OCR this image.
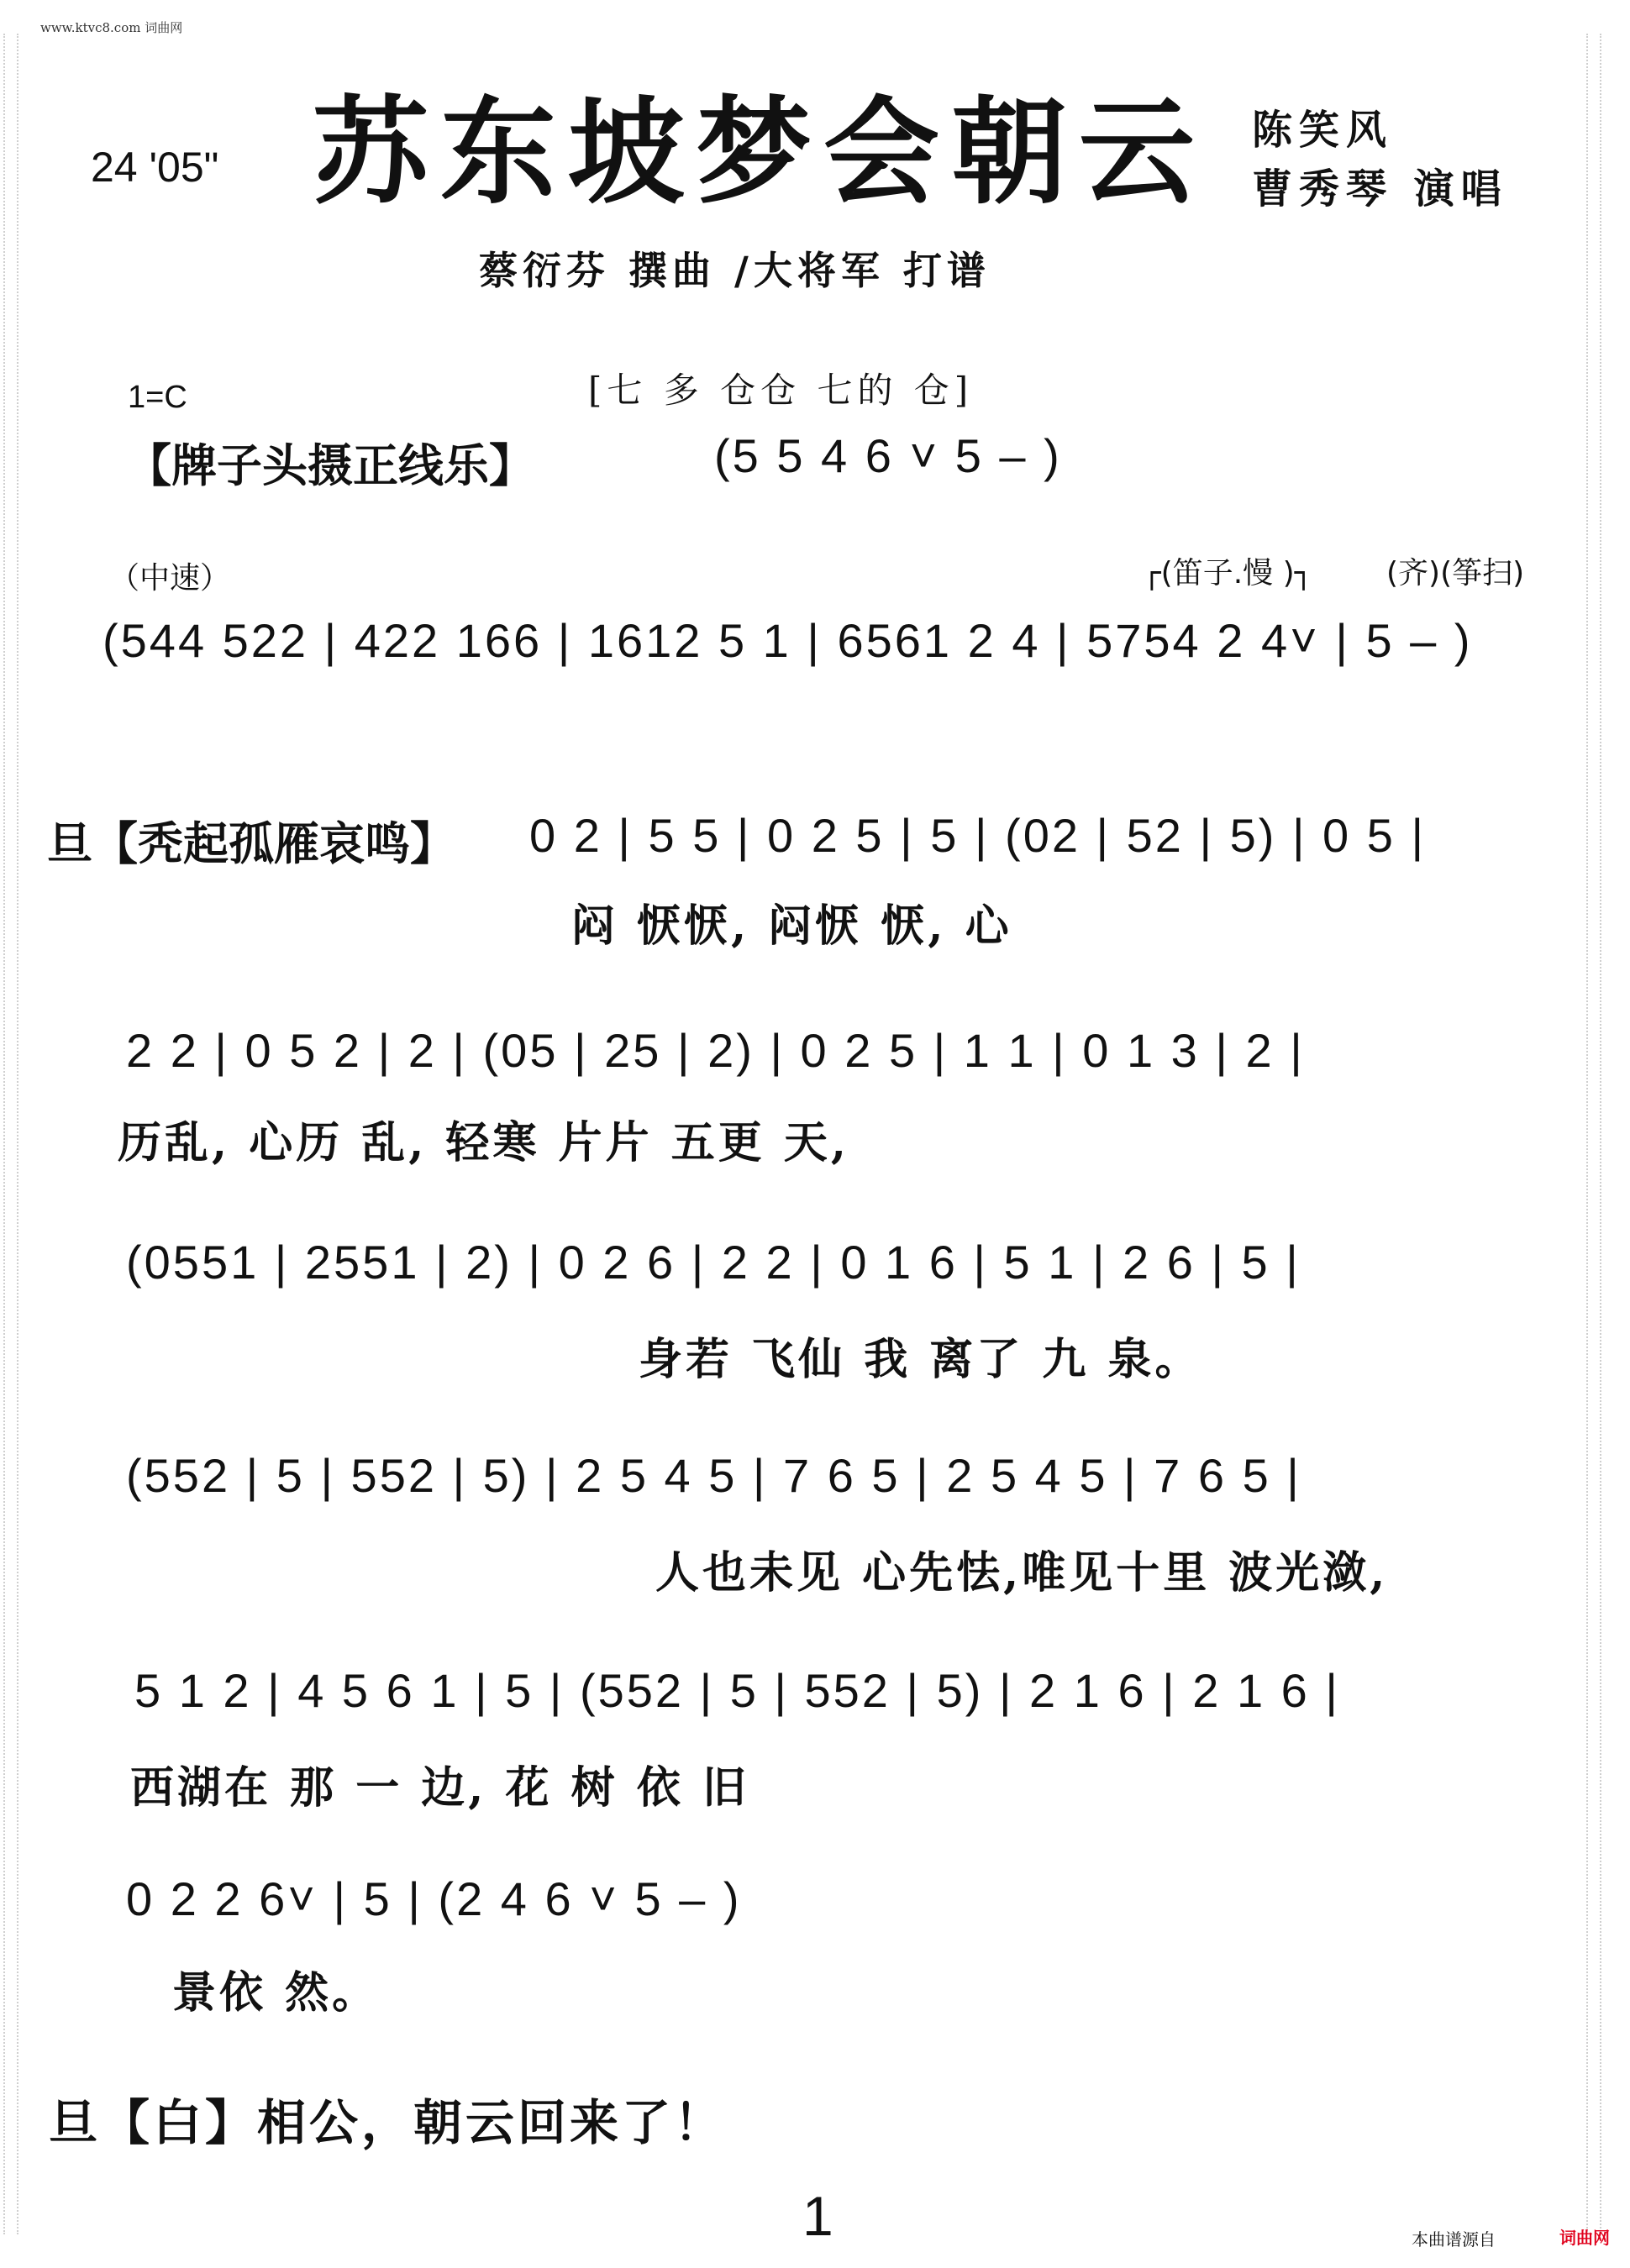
www.ktvc8.com 词曲网
24 '05" 苏东坡梦会朝云 陈笑风
曹秀琴 演唱
蔡衍芬 撰曲 /大将军 打谱
1=C	[七 多 仓仓 七的 仓]
【牌子头摄正线乐】	(5 5 4 6 ˅ 5 – )
（中速）	┌(笛子.慢 )┐ (齐)(筝扫)
(544 522 | 422 166 | 1612 5 1 | 6561 2 4 | 5754 2 4˅ | 5 – )
旦【秃起孤雁哀鸣】 0 2 | 5 5 | 0 2 5 | 5 | (02 | 52 | 5) | 0 5 |
闷 恹恹, 闷恹 恹, 心
2 2 | 0 5 2 | 2 | (05 | 25 | 2) | 0 2 5 | 1 1 | 0 1 3 | 2 |
历乱, 心历 乱, 轻寒 片片 五更 天,
(0551 | 2551 | 2) | 0 2 6 | 2 2 | 0 1 6 | 5 1 | 2 6 | 5 |
身若 飞仙 我 离了 九 泉。
(552 | 5 | 552 | 5) | 2 5 4 5 | 7 6 5 | 2 5 4 5 | 7 6 5 |
人也未见 心先怯,唯见十里 波光潋,
5 1 2 | 4 5 6 1 | 5 | (552 | 5 | 552 | 5) | 2 1 6 | 2 1 6 |
西湖在 那 一 边, 花 树 依 旧
0 2 2 6˅ | 5 | (2 4 6 ˅ 5 – )
景依 然。
旦【白】相公，朝云回来了！
1	本曲谱源自	词曲网
